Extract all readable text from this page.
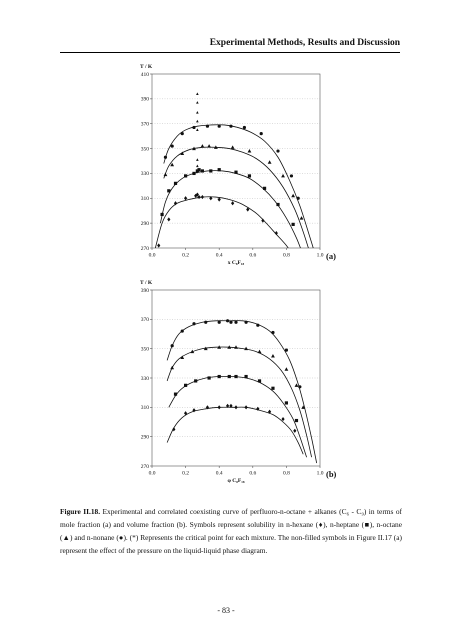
Experimental Methods, Results and Discussion
270
290
310
330
350
370
390
410
0.0	0.2	0.4	0.6	0.8	1.0
T / K
x C₈F₁₈
(a)
270
290
310
330
350
370
390
0.0	0.2	0.4	0.6	0.8	1.0
T / K
φ C₈F₁₈
(b)
Figure II.18. Experimental and correlated coexisting curve of perfluoro-n-octane + alkanes (C₆ - C₉) in terms of mole fraction (a) and volume fraction (b). Symbols represent solubility in n-hexane (♦), n-heptane (■), n-octane (▲) and n-nonane (●). (*) Represents the critical point for each mixture. The non-filled symbols in Figure II.17 (a) represent the effect of the pressure on the liquid-liquid phase diagram.
- 83 -
